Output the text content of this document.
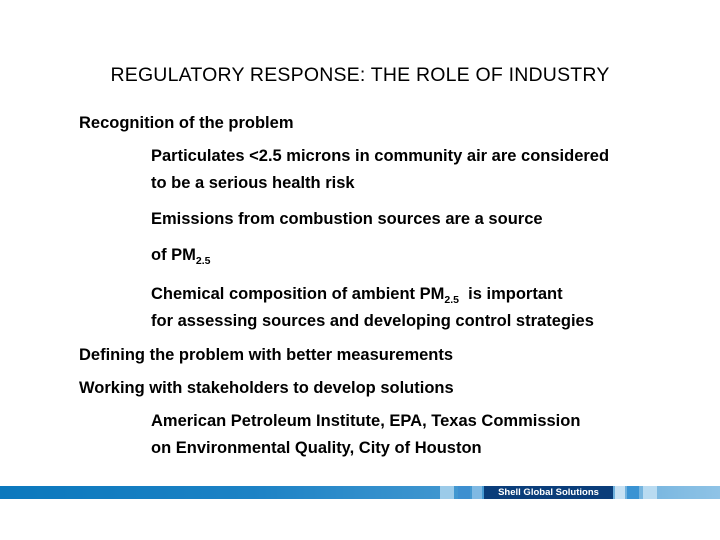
REGULATORY RESPONSE: THE ROLE OF INDUSTRY
Recognition of the problem
Particulates <2.5 microns in community air are considered
to be a serious health risk
Emissions from combustion sources are a source
of $PM_{2.5}$
Chemical composition of ambient $PM_{2.5}$  is important
for assessing sources and developing control strategies
Defining the problem with better measurements
Working with stakeholders to develop solutions
American Petroleum Institute, EPA, Texas Commission
on Environmental Quality, City of Houston
Shell Global Solutions
